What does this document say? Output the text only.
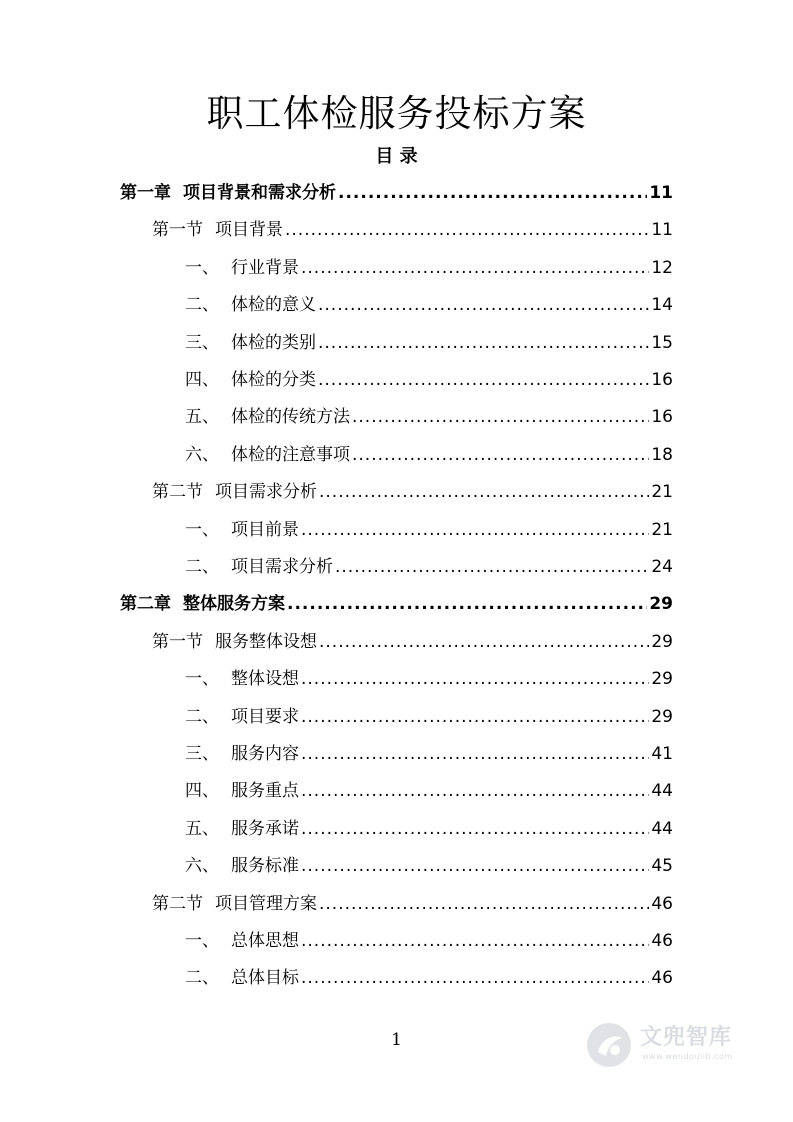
职工体检服务投标方案
目 录
第一章 项目背景和需求分析 .....	11
第一节 项目背景 .....	11
一、 行业背景 .....	12
二、 体检的意义 .....	14
三、 体检的类别 .....	15
四、 体检的分类 .....	16
五、 体检的传统方法 .....	16
六、 体检的注意事项 .....	18
第二节 项目需求分析 .....	21
一、 项目前景 .....	21
二、 项目需求分析 .....	24
第二章 整体服务方案 .....	29
第一节 服务整体设想 .....	29
一、 整体设想 .....	29
二、 项目要求 .....	29
三、 服务内容 .....	41
四、 服务重点 .....	44
五、 服务承诺 .....	44
六、 服务标准 .....	45
第二节 项目管理方案 .....	46
一、 总体思想 .....	46
二、 总体目标 .....	46
1	文兜智库
www.wendoulib.com
